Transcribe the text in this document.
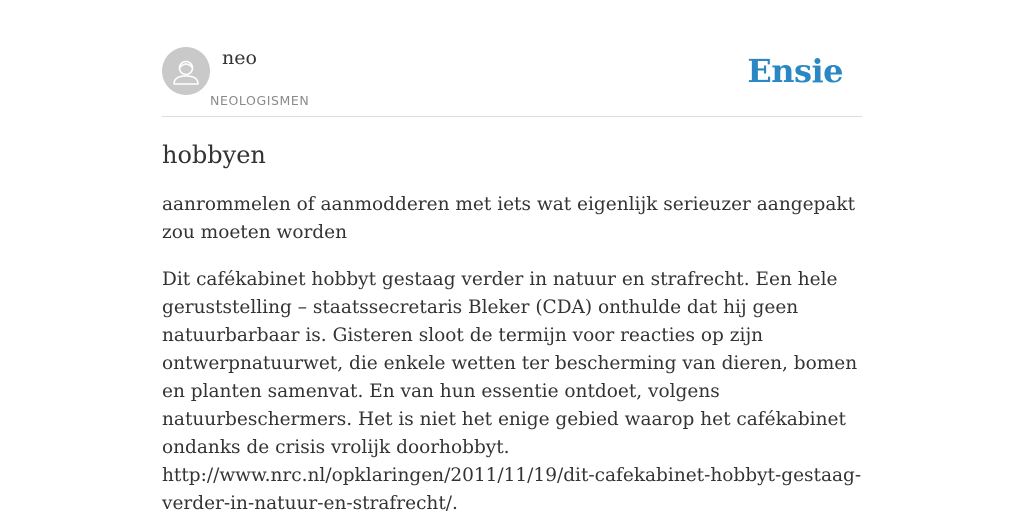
neo
NEOLOGISMEN
Ensie
hobbyen

aanrommelen of aanmodderen met iets wat eigenlijk serieuzer aangepakt zou moeten worden

Dit cafékabinet hobbyt gestaag verder in natuur en strafrecht. Een hele geruststelling – staatssecretaris Bleker (CDA) onthulde dat hij geen natuurbarbaar is. Gisteren sloot de termijn voor reacties op zijn ontwerpnatuurwet, die enkele wetten ter bescherming van dieren, bomen en planten samenvat. En van hun essentie ontdoet, volgens natuurbeschermers. Het is niet het enige gebied waarop het cafékabinet ondanks de crisis vrolijk doorhobbyt.
http://www.nrc.nl/opklaringen/2011/11/19/dit-cafekabinet-hobbyt-gestaag-verder-in-natuur-en-strafrecht/.
